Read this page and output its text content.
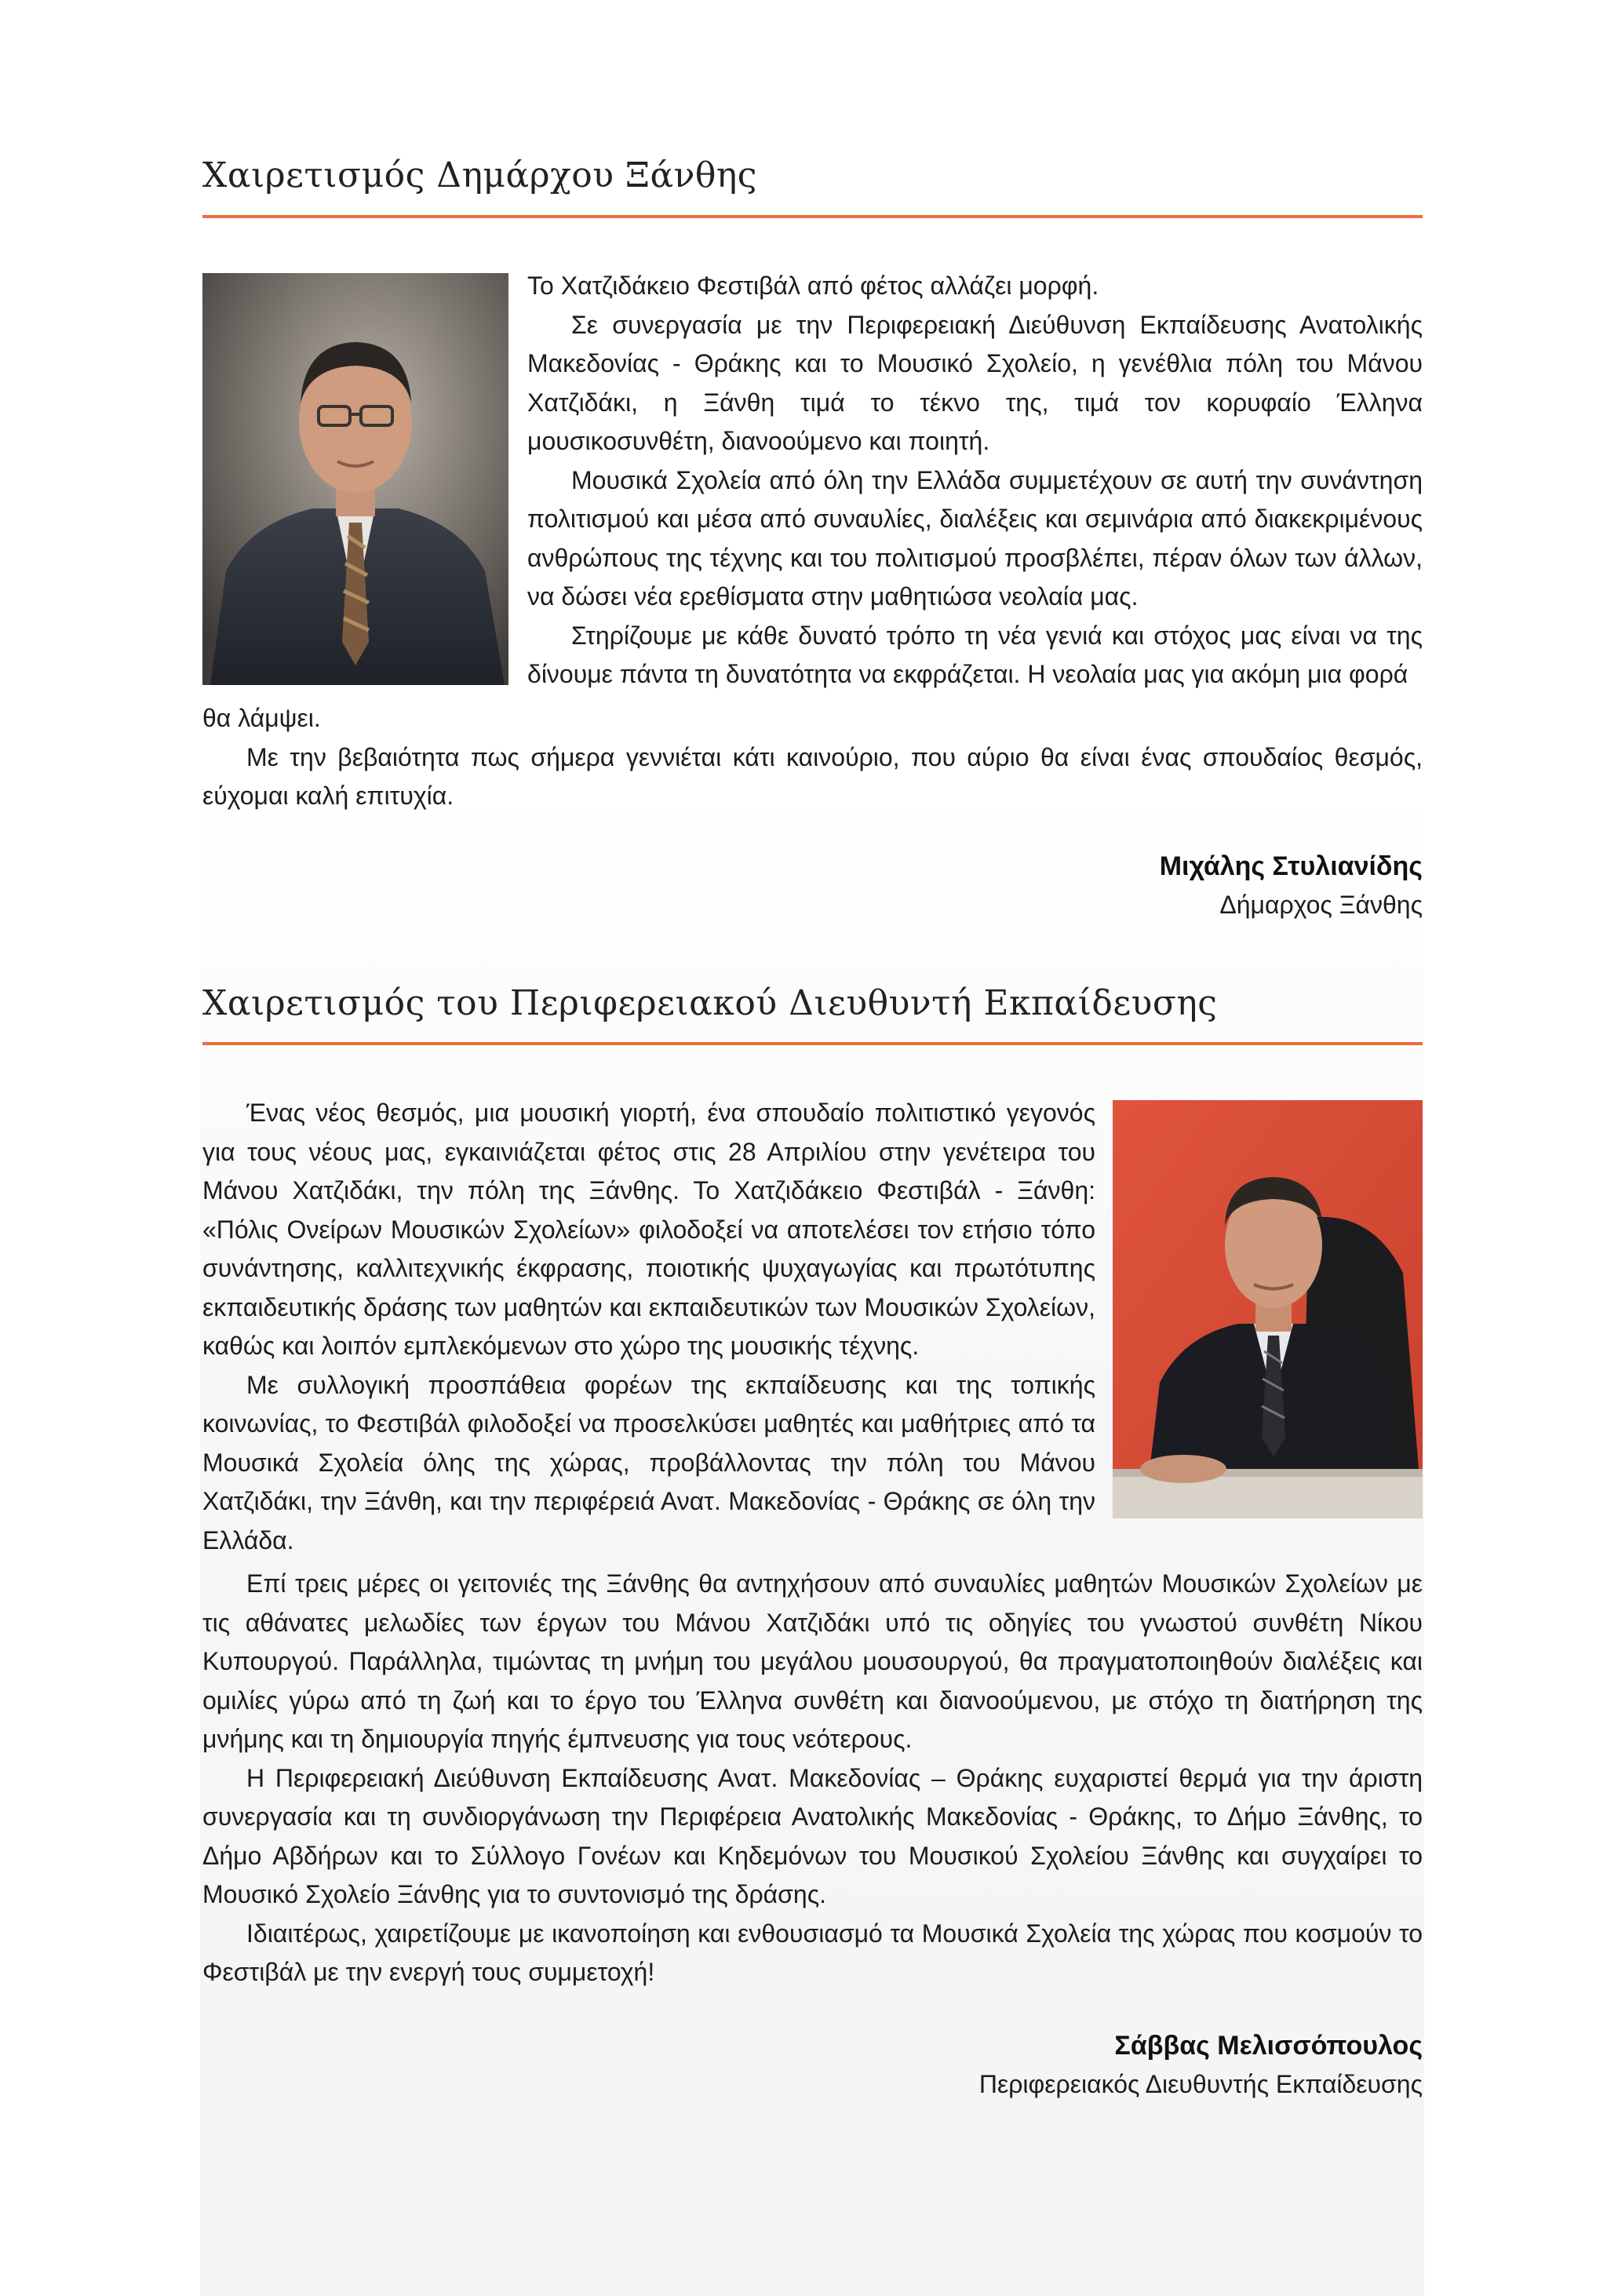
Χαιρετισμός Δημάρχου Ξάνθης

Το Χατζιδάκειο Φεστιβάλ από φέτος αλλάζει μορφή.

Σε συνεργασία με την Περιφερειακή Διεύθυνση Εκπαίδευσης Ανατολικής Μακεδονίας - Θράκης και το Μουσικό Σχολείο, η γενέθλια πόλη του Μάνου Χατζιδάκι, η Ξάνθη τιμά το τέκνο της, τιμά τον κορυφαίο Έλληνα μουσικοσυνθέτη, διανοούμενο και ποιητή.

Μουσικά Σχολεία από όλη την Ελλάδα συμμετέχουν σε αυτή την συνάντηση πολιτισμού και μέσα από συναυλίες, διαλέξεις και σεμινάρια από διακεκριμένους ανθρώπους της τέχνης και του πολιτισμού προσβλέπει, πέραν όλων των άλλων, να δώσει νέα ερεθίσματα στην μαθητιώσα νεολαία μας.

Στηρίζουμε με κάθε δυνατό τρόπο τη νέα γενιά και στόχος μας είναι να της δίνουμε πάντα τη δυνατότητα να εκφράζεται. Η νεολαία μας για ακόμη μια φορά

θα λάμψει.

Με την βεβαιότητα πως σήμερα γεννιέται κάτι καινούριο, που αύριο θα είναι ένας σπουδαίος θεσμός, εύχομαι καλή επιτυχία.

Μιχάλης Στυλιανίδης
Δήμαρχος Ξάνθης
Χαιρετισμός του Περιφερειακού Διευθυντή Εκπαίδευσης

Ένας νέος θεσμός, μια μουσική γιορτή, ένα σπουδαίο πολιτιστικό γεγονός για τους νέους μας, εγκαινιάζεται φέτος στις 28 Απριλίου στην γενέτειρα του Μάνου Χατζιδάκι, την πόλη της Ξάνθης. Το Χατζιδάκειο Φεστιβάλ - Ξάνθη: «Πόλις Ονείρων Μουσικών Σχολείων» φιλοδοξεί να αποτελέσει τον ετήσιο τόπο συνάντησης, καλλιτεχνικής έκφρασης, ποιοτικής ψυχαγωγίας και πρωτότυπης εκπαιδευτικής δράσης των μαθητών και εκπαιδευτικών των Μουσικών Σχολείων, καθώς και λοιπόν εμπλεκόμενων στο χώρο της μουσικής τέχνης.

Με συλλογική προσπάθεια φορέων της εκπαίδευσης και της τοπικής κοινωνίας, το Φεστιβάλ φιλοδοξεί να προσελκύσει μαθητές και μαθήτριες από τα Μουσικά Σχολεία όλης της χώρας, προβάλλοντας την πόλη του Μάνου Χατζιδάκι, την Ξάνθη, και την περιφέρειά Ανατ. Μακεδονίας - Θράκης σε όλη την Ελλάδα.

Επί τρεις μέρες οι γειτονιές της Ξάνθης θα αντηχήσουν από συναυλίες μαθητών Μουσικών Σχολείων με τις αθάνατες μελωδίες των έργων του Μάνου Χατζιδάκι υπό τις οδηγίες του γνωστού συνθέτη Νίκου Κυπουργού. Παράλληλα, τιμώντας τη μνήμη του μεγάλου μουσουργού, θα πραγματοποιηθούν διαλέξεις και ομιλίες γύρω από τη ζωή και το έργο του Έλληνα συνθέτη και διανοούμενου, με στόχο τη διατήρηση της μνήμης και τη δημιουργία πηγής έμπνευσης για τους νεότερους.

Η Περιφερειακή Διεύθυνση Εκπαίδευσης Ανατ. Μακεδονίας – Θράκης ευχαριστεί θερμά για την άριστη συνεργασία και τη συνδιοργάνωση την Περιφέρεια Ανατολικής Μακεδονίας - Θράκης, το Δήμο Ξάνθης, το Δήμο Αβδήρων και το Σύλλογο Γονέων και Κηδεμόνων του Μουσικού Σχολείου Ξάνθης και συγχαίρει το Μουσικό Σχολείο Ξάνθης για το συντονισμό της δράσης.

Ιδιαιτέρως, χαιρετίζουμε με ικανοποίηση και ενθουσιασμό τα Μουσικά Σχολεία της χώρας που κοσμούν το Φεστιβάλ με την ενεργή τους συμμετοχή!

Σάββας Μελισσόπουλος
Περιφερειακός Διευθυντής Εκπαίδευσης
